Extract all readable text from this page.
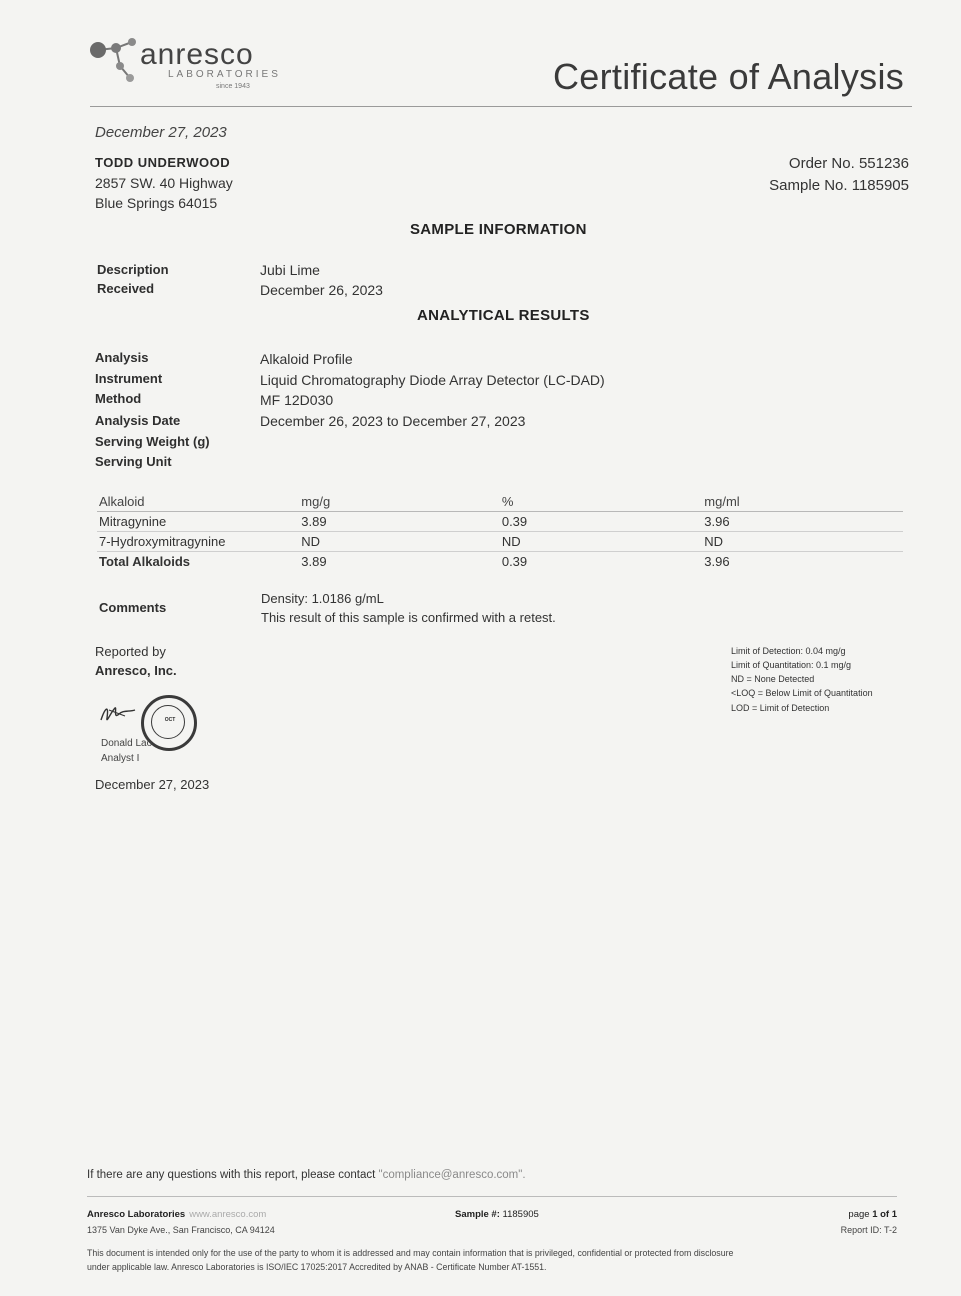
anresco
LABORATORIES
since 1943	Certificate of Analysis
December 27, 2023
TODD UNDERWOOD
2857 SW. 40 Highway
Blue Springs 64015
Order No. 551236
Sample No. 1185905
SAMPLE INFORMATION
Description	Jubi Lime
Received	December 26, 2023
ANALYTICAL RESULTS
Analysis	Alkaloid Profile
Instrument	Liquid Chromatography Diode Array Detector (LC-DAD)
Method	MF 12D030
Analysis Date	December 26, 2023 to December 27, 2023
Serving Weight (g)
Serving Unit
Alkaloid	mg/g	%	mg/ml
Mitragynine	3.89	0.39	3.96
7-Hydroxymitragynine	ND	ND	ND
Total Alkaloids	3.89	0.39	3.96
Comments
Density: 1.0186 g/mL
This result of this sample is confirmed with a retest.
Reported by
Anresco, Inc.
OCT
Donald Lao
Analyst I
December 27, 2023
Limit of Detection: 0.04 mg/g
Limit of Quantitation: 0.1 mg/g
ND = None Detected
<LOQ = Below Limit of Quantitation
LOD = Limit of Detection
If there are any questions with this report, please contact "compliance@anresco.com".
Anresco Laboratories www.anresco.com
1375 Van Dyke Ave., San Francisco, CA 94124
Sample #: 1185905	page 1 of 1
Report ID: T-2
This document is intended only for the use of the party to whom it is addressed and may contain information that is privileged, confidential or protected from disclosure
under applicable law. Anresco Laboratories is ISO/IEC 17025:2017 Accredited by ANAB - Certificate Number AT-1551.
